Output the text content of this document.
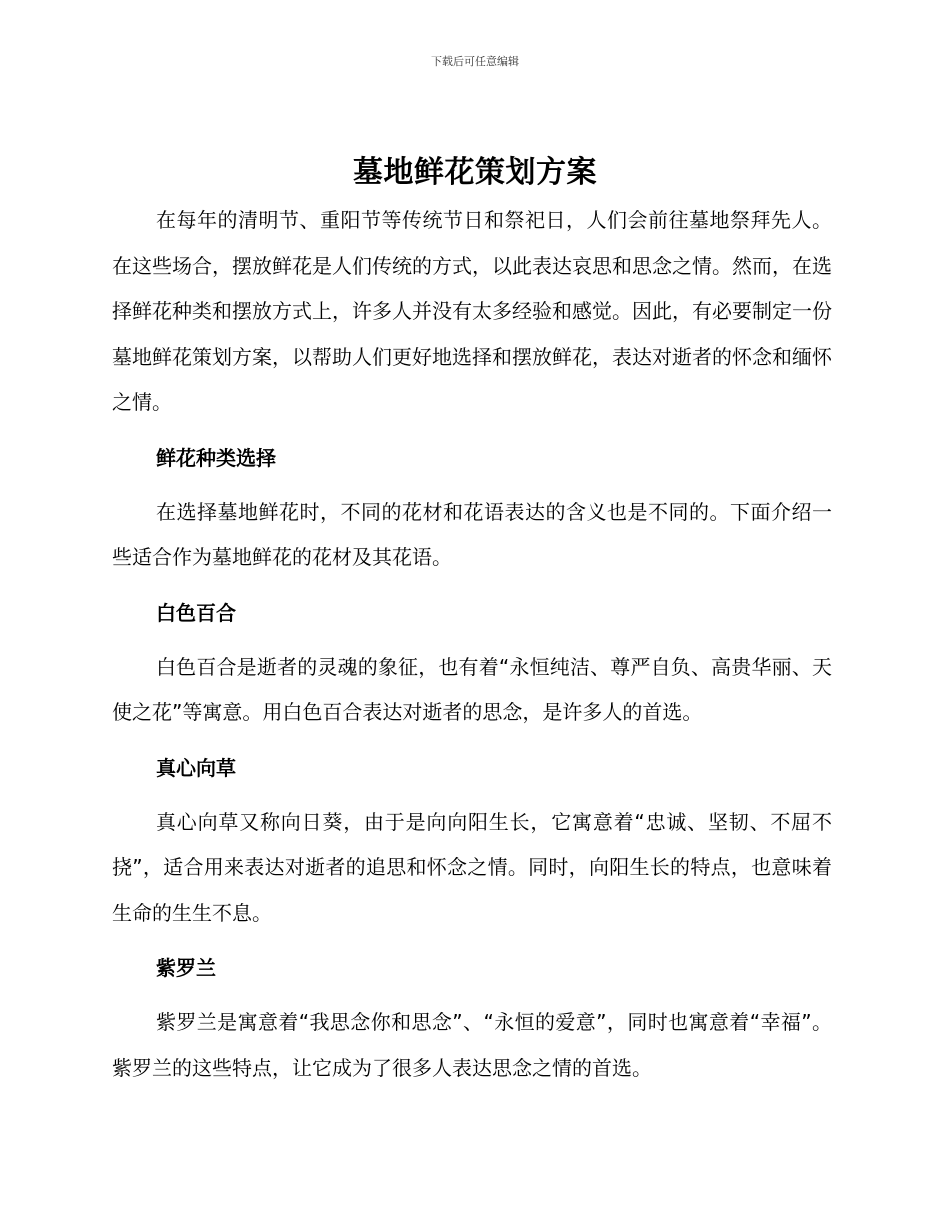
下载后可任意编辑
墓地鲜花策划方案

在每年的清明节、重阳节等传统节日和祭祀日，人们会前往墓地祭拜先人。在这些场合，摆放鲜花是人们传统的方式，以此表达哀思和思念之情。然而，在选择鲜花种类和摆放方式上，许多人并没有太多经验和感觉。因此，有必要制定一份墓地鲜花策划方案，以帮助人们更好地选择和摆放鲜花，表达对逝者的怀念和缅怀之情。

鲜花种类选择

在选择墓地鲜花时，不同的花材和花语表达的含义也是不同的。下面介绍一些适合作为墓地鲜花的花材及其花语。

白色百合

白色百合是逝者的灵魂的象征，也有着“永恒纯洁、尊严自负、高贵华丽、天使之花”等寓意。用白色百合表达对逝者的思念，是许多人的首选。

真心向草

真心向草又称向日葵，由于是向向阳生长，它寓意着“忠诚、坚韧、不屈不挠”，适合用来表达对逝者的追思和怀念之情。同时，向阳生长的特点，也意味着生命的生生不息。

紫罗兰

紫罗兰是寓意着“我思念你和思念”、“永恒的爱意”，同时也寓意着“幸福”。紫罗兰的这些特点，让它成为了很多人表达思念之情的首选。
